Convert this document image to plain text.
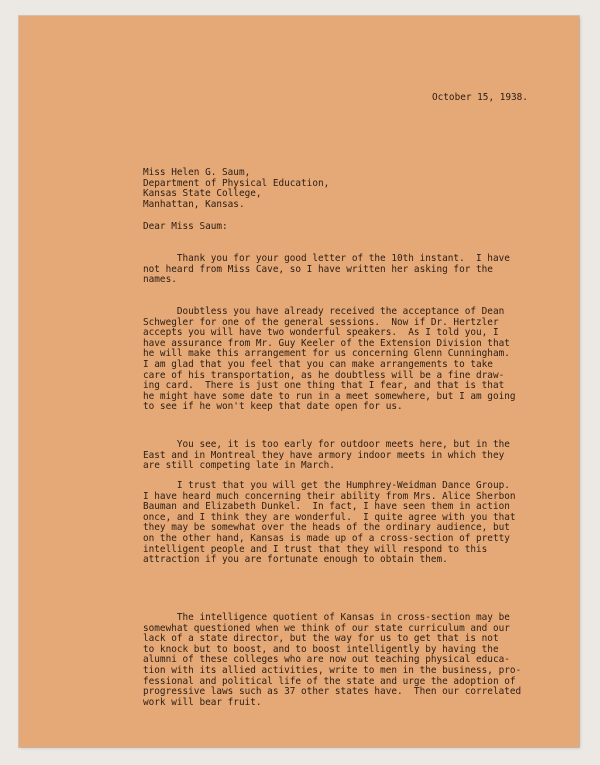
October 15, 1938.
Miss Helen G. Saum,
Department of Physical Education,
Kansas State College,
Manhattan, Kansas.
Dear Miss Saum:
Thank you for your good letter of the 10th instant.  I have
not heard from Miss Cave, so I have written her asking for the
names.
Doubtless you have already received the acceptance of Dean
Schwegler for one of the general sessions.  Now if Dr. Hertzler
accepts you will have two wonderful speakers.  As I told you, I
have assurance from Mr. Guy Keeler of the Extension Division that
he will make this arrangement for us concerning Glenn Cunningham.
I am glad that you feel that you can make arrangements to take
care of his transportation, as he doubtless will be a fine draw-
ing card.  There is just one thing that I fear, and that is that
he might have some date to run in a meet somewhere, but I am going
to see if he won't keep that date open for us.
You see, it is too early for outdoor meets here, but in the
East and in Montreal they have armory indoor meets in which they
are still competing late in March.
I trust that you will get the Humphrey-Weidman Dance Group.
I have heard much concerning their ability from Mrs. Alice Sherbon
Bauman and Elizabeth Dunkel.  In fact, I have seen them in action
once, and I think they are wonderful.  I quite agree with you that
they may be somewhat over the heads of the ordinary audience, but
on the other hand, Kansas is made up of a cross-section of pretty
intelligent people and I trust that they will respond to this
attraction if you are fortunate enough to obtain them.
The intelligence quotient of Kansas in cross-section may be
somewhat questioned when we think of our state curriculum and our
lack of a state director, but the way for us to get that is not
to knock but to boost, and to boost intelligently by having the
alumni of these colleges who are now out teaching physical educa-
tion with its allied activities, write to men in the business, pro-
fessional and political life of the state and urge the adoption of
progressive laws such as 37 other states have.  Then our correlated
work will bear fruit.
